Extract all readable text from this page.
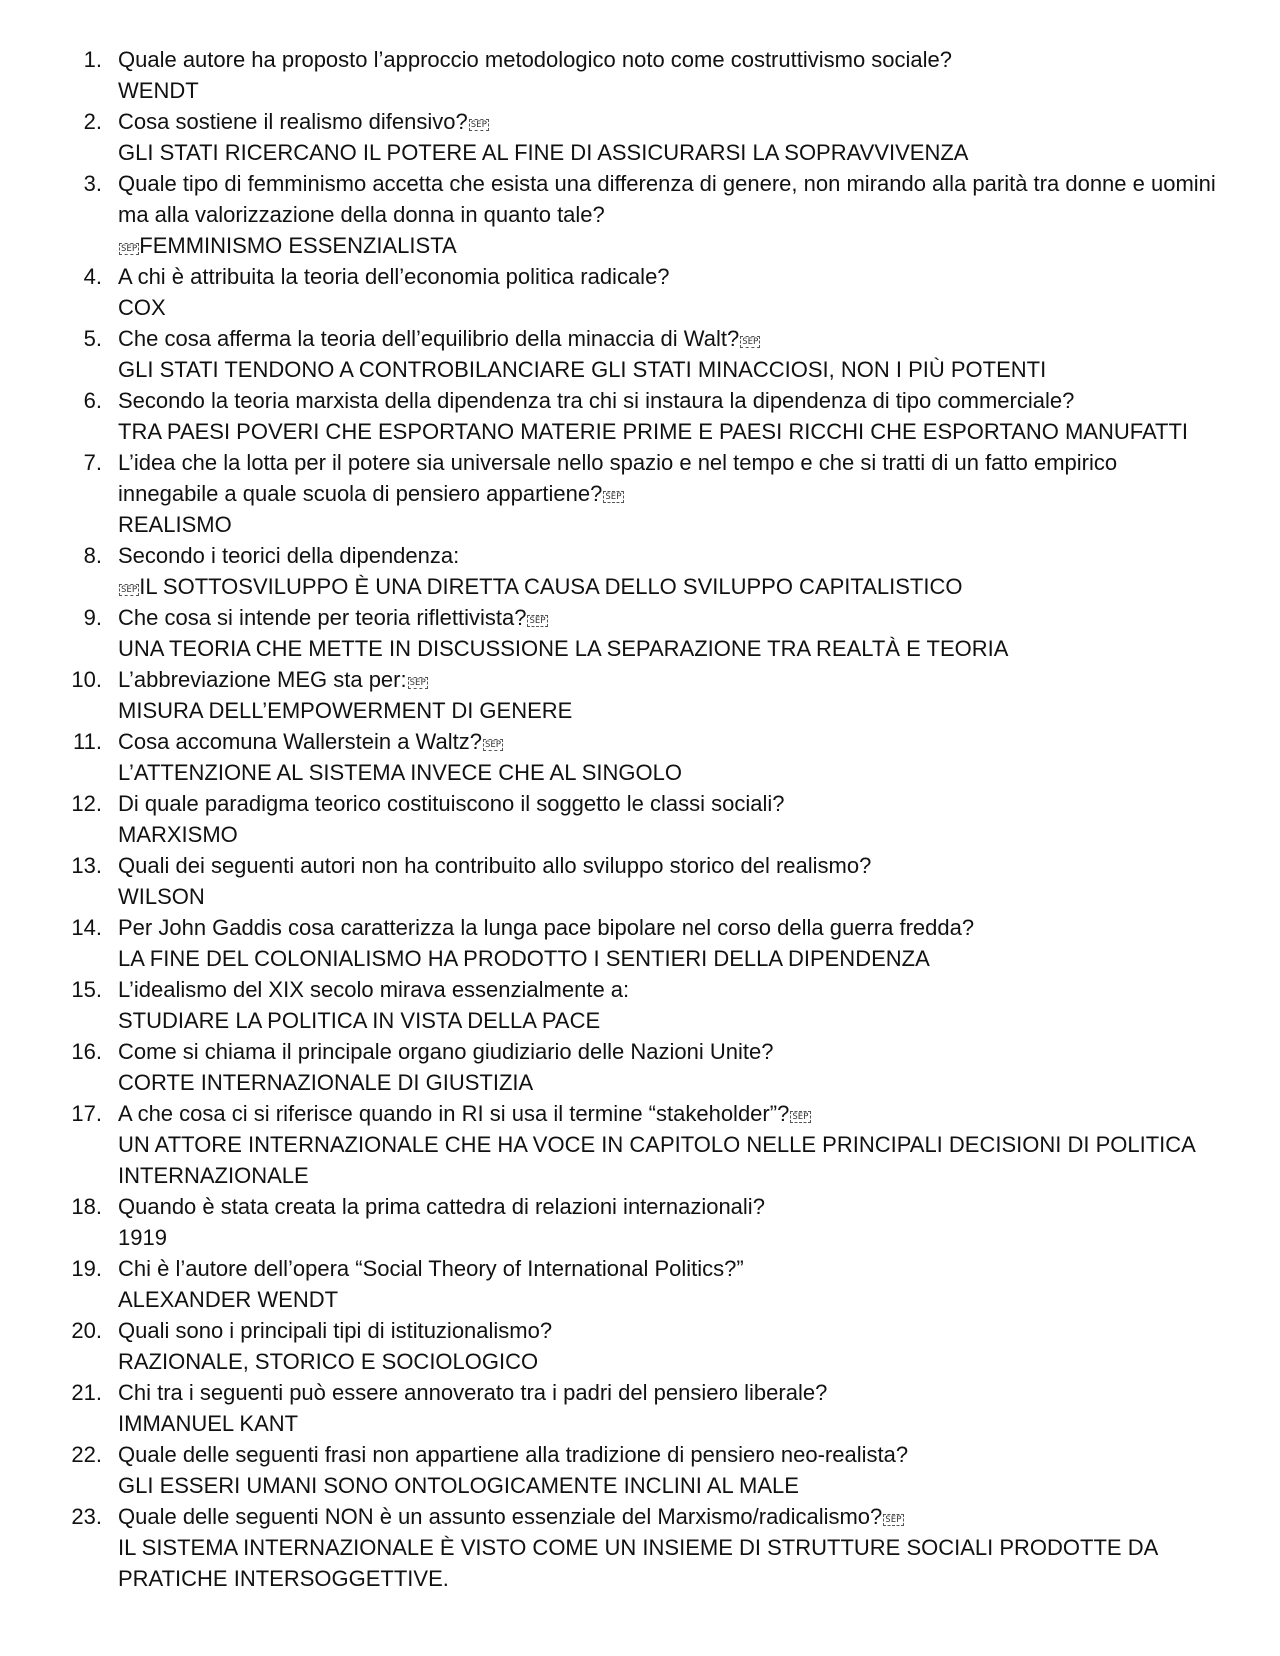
1. Quale autore ha proposto l’approccio metodologico noto come costruttivismo sociale?
WENDT
2. Cosa sostiene il realismo difensivo? SEP
GLI STATI RICERCANO IL POTERE AL FINE DI ASSICURARSI LA SOPRAVVIVENZA
3. Quale tipo di femminismo accetta che esista una differenza di genere, non mirando alla parità tra donne e uomini ma alla valorizzazione della donna in quanto tale?
SEPFEMMINISMO ESSENZIALISTA
4. A chi è attribuita la teoria dell’economia politica radicale?
COX
5. Che cosa afferma la teoria dell’equilibrio della minaccia di Walt? SEP
GLI STATI TENDONO A CONTROBILANCIARE GLI STATI MINACCIOSI, NON I PIÙ POTENTI
6. Secondo la teoria marxista della dipendenza tra chi si instaura la dipendenza di tipo commerciale?
TRA PAESI POVERI CHE ESPORTANO MATERIE PRIME E PAESI RICCHI CHE ESPORTANO MANUFATTI
7. L’idea che la lotta per il potere sia universale nello spazio e nel tempo e che si tratti di un fatto empirico innegabile a quale scuola di pensiero appartiene? SEP
REALISMO
8. Secondo i teorici della dipendenza:
SEPIL SOTTOSVILUPPO È UNA DIRETTA CAUSA DELLO SVILUPPO CAPITALISTICO
9. Che cosa si intende per teoria riflettivista? SEP
UNA TEORIA CHE METTE IN DISCUSSIONE LA SEPARAZIONE TRA REALTÀ E TEORIA
10. L’abbreviazione MEG sta per: SEP
MISURA DELL’EMPOWERMENT DI GENERE
11. Cosa accomuna Wallerstein a Waltz? SEP
L’ATTENZIONE AL SISTEMA INVECE CHE AL SINGOLO
12. Di quale paradigma teorico costituiscono il soggetto le classi sociali?
MARXISMO
13. Quali dei seguenti autori non ha contribuito allo sviluppo storico del realismo?
WILSON
14. Per John Gaddis cosa caratterizza la lunga pace bipolare nel corso della guerra fredda?
LA FINE DEL COLONIALISMO HA PRODOTTO I SENTIERI DELLA DIPENDENZA
15. L’idealismo del XIX secolo mirava essenzialmente a:
STUDIARE LA POLITICA IN VISTA DELLA PACE
16. Come si chiama il principale organo giudiziario delle Nazioni Unite?
CORTE INTERNAZIONALE DI GIUSTIZIA
17. A che cosa ci si riferisce quando in RI si usa il termine “stakeholder”? SEP
UN ATTORE INTERNAZIONALE CHE HA VOCE IN CAPITOLO NELLE PRINCIPALI DECISIONI DI POLITICA INTERNAZIONALE
18. Quando è stata creata la prima cattedra di relazioni internazionali?
1919
19. Chi è l’autore dell’opera “Social Theory of International Politics?”
ALEXANDER WENDT
20. Quali sono i principali tipi di istituzionalismo?
RAZIONALE, STORICO E SOCIOLOGICO
21. Chi tra i seguenti può essere annoverato tra i padri del pensiero liberale?
IMMANUEL KANT
22. Quale delle seguenti frasi non appartiene alla tradizione di pensiero neo-realista?
GLI ESSERI UMANI SONO ONTOLOGICAMENTE INCLINI AL MALE
23. Quale delle seguenti NON è un assunto essenziale del Marxismo/radicalismo? SEP
IL SISTEMA INTERNAZIONALE È VISTO COME UN INSIEME DI STRUTTURE SOCIALI PRODOTTE DA PRATICHE INTERSOGGETTIVE.
